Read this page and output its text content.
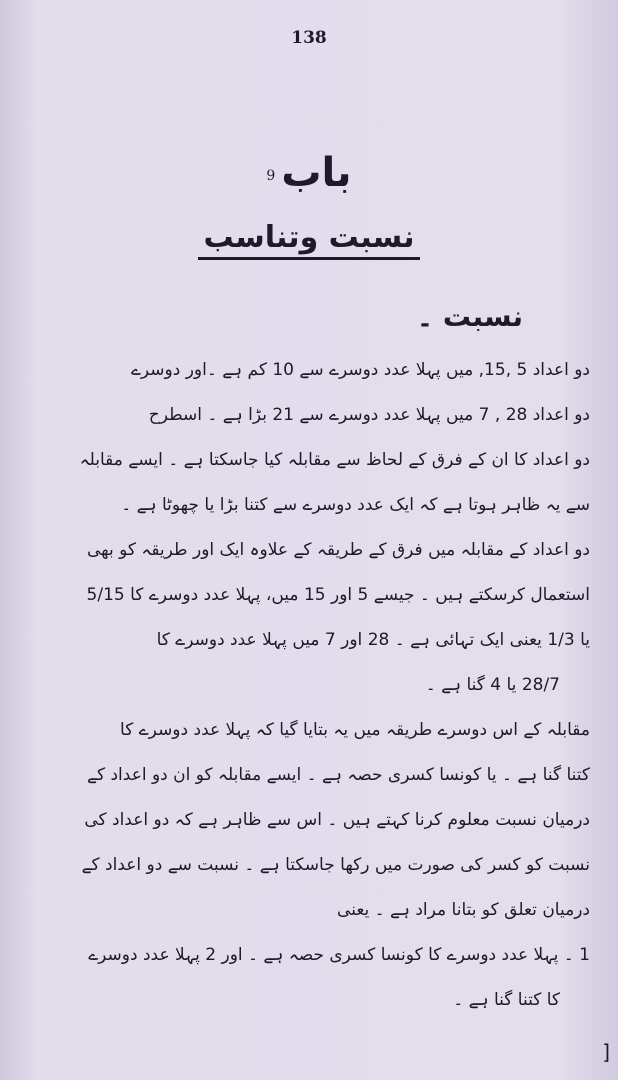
138
باب9
نسبت وتناسب
نسبت ۔
دو اعداد 5 ,15, میں پہلا عدد دوسرے سے 10 کم ہے ۔اور دوسرے
دو اعداد 28 , 7 میں پہلا عدد دوسرے سے 21 بڑا ہے ۔ اسطرح
دو اعداد کا ان کے فرق کے لحاظ سے مقابلہ کیا جاسکتا ہے ۔ ایسے مقابلہ
سے یہ ظاہر ہوتا ہے کہ ایک عدد دوسرے سے کتنا بڑا یا چھوٹا ہے ۔
دو اعداد کے مقابلہ میں فرق کے طریقہ کے علاوہ ایک اور طریقہ کو بھی
استعمال کرسکتے ہیں ۔ جیسے 5 اور 15 میں، پہلا عدد دوسرے کا 5/15
یا 1/3 یعنی ایک تہائی ہے ۔ 28 اور 7 میں پہلا عدد دوسرے کا
28/7 یا 4 گنا ہے ۔
مقابلہ کے اس دوسرے طریقہ میں یہ بتایا گیا کہ پہلا عدد دوسرے کا
کتنا گنا ہے ۔ یا کونسا کسری حصہ ہے ۔ ایسے مقابلہ کو ان دو اعداد کے
درمیان نسبت معلوم کرنا کہتے ہیں ۔ اس سے ظاہر ہے کہ دو اعداد کی
نسبت کو کسر کی صورت میں رکھا جاسکتا ہے ۔ نسبت سے دو اعداد کے
درمیان تعلق کو بتانا مراد ہے ۔ یعنی
1 ۔ پہلا عدد دوسرے کا کونسا کسری حصہ ہے ۔ اور 2 پہلا عدد دوسرے
کا کتنا گنا ہے ۔
]
